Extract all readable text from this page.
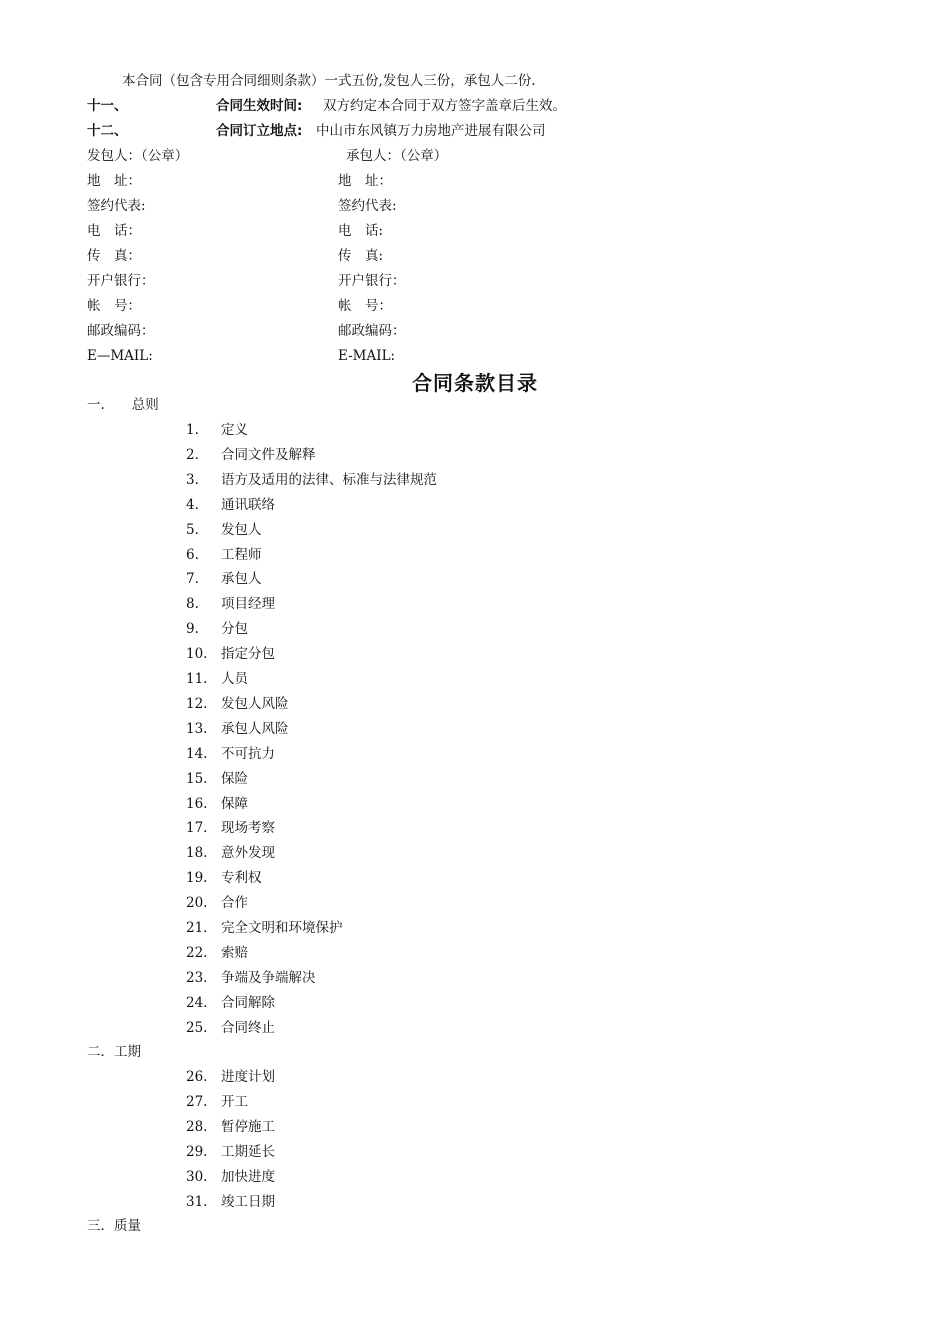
本合同（包含专用合同细则条款）一式五份,发包人三份，承包人二份.
十一、	合同生效时间: 双方约定本合同于双方签字盖章后生效。
十二、	合同订立地点: 中山市东风镇万力房地产进展有限公司
发包人：（公章）
地　址：
签约代表:
电　话：
传　真：
开户银行：
帐　号：
邮政编码：
E—MAIL:
承包人：（公章）
地　址：
签约代表:
电　话:
传　真:
开户银行：
帐　号：
邮政编码：
E-MAIL:
合同条款目录
一.　　总则
1. 定义
2. 合同文件及解释
3. 语方及适用的法律、标准与法律规范
4. 通讯联络
5. 发包人
6. 工程师
7. 承包人
8. 项目经理
9. 分包
10. 指定分包
11. 人员
12. 发包人风险
13. 承包人风险
14. 不可抗力
15. 保险
16. 保障
17. 现场考察
18. 意外发现
19. 专利权
20. 合作
21. 完全文明和环境保护
22. 索赔
23. 争端及争端解决
24. 合同解除
25. 合同终止
二．工期
26. 进度计划
27. 开工
28. 暂停施工
29. 工期延长
30. 加快进度
31. 竣工日期
三．质量
